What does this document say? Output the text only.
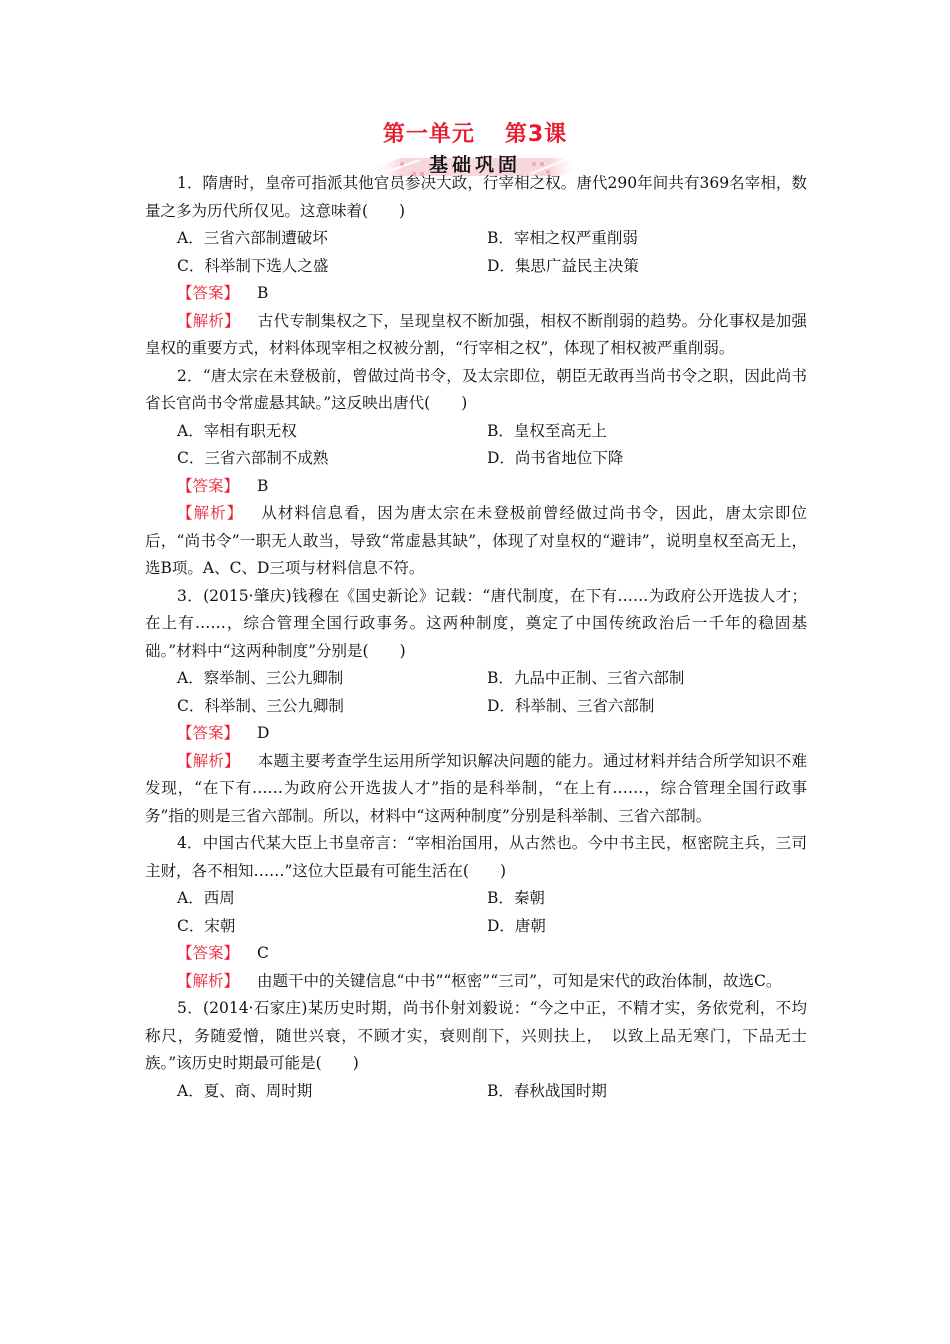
第一单元 第3课
基础巩固

1．隋唐时，皇帝可指派其他官员参决大政，行宰相之权。唐代290年间共有369名宰相，数量之多为历代所仅见。这意味着(　　)

A．三省六部制遭破坏	B．宰相之权严重削弱
C．科举制下选人之盛	D．集思广益民主决策

【答案】 B

【解析】 古代专制集权之下，呈现皇权不断加强，相权不断削弱的趋势。分化事权是加强皇权的重要方式，材料体现宰相之权被分割，“行宰相之权”，体现了相权被严重削弱。

2．“唐太宗在未登极前，曾做过尚书令，及太宗即位，朝臣无敢再当尚书令之职，因此尚书省长官尚书令常虚悬其缺。”这反映出唐代(　　)

A．宰相有职无权	B．皇权至高无上
C．三省六部制不成熟	D．尚书省地位下降

【答案】 B

【解析】 从材料信息看，因为唐太宗在未登极前曾经做过尚书令，因此，唐太宗即位后，“尚书令”一职无人敢当，导致“常虚悬其缺”，体现了对皇权的“避讳”，说明皇权至高无上，选B项。A、C、D三项与材料信息不符。

3．(2015·肇庆)钱穆在《国史新论》记载：“唐代制度，在下有……为政府公开选拔人才；在上有……，综合管理全国行政事务。这两种制度，奠定了中国传统政治后一千年的稳固基础。”材料中“这两种制度”分别是(　　)

A．察举制、三公九卿制	B．九品中正制、三省六部制
C．科举制、三公九卿制	D．科举制、三省六部制

【答案】 D

【解析】 本题主要考查学生运用所学知识解决问题的能力。通过材料并结合所学知识不难发现，“在下有……为政府公开选拔人才”指的是科举制，“在上有……，综合管理全国行政事务”指的则是三省六部制。所以，材料中“这两种制度”分别是科举制、三省六部制。

4．中国古代某大臣上书皇帝言：“宰相治国用，从古然也。今中书主民，枢密院主兵，三司主财，各不相知……”这位大臣最有可能生活在(　　)

A．西周	B．秦朝
C．宋朝	D．唐朝

【答案】 C

【解析】 由题干中的关键信息“中书”“枢密”“三司”，可知是宋代的政治体制，故选C。

5．(2014·石家庄)某历史时期，尚书仆射刘毅说：“今之中正，不精才实，务依党利，不均称尺，务随爱憎，随世兴衰，不顾才实，衰则削下，兴则扶上，　以致上品无寒门，下品无士族。”该历史时期最可能是(　　)

A．夏、商、周时期	B．春秋战国时期
